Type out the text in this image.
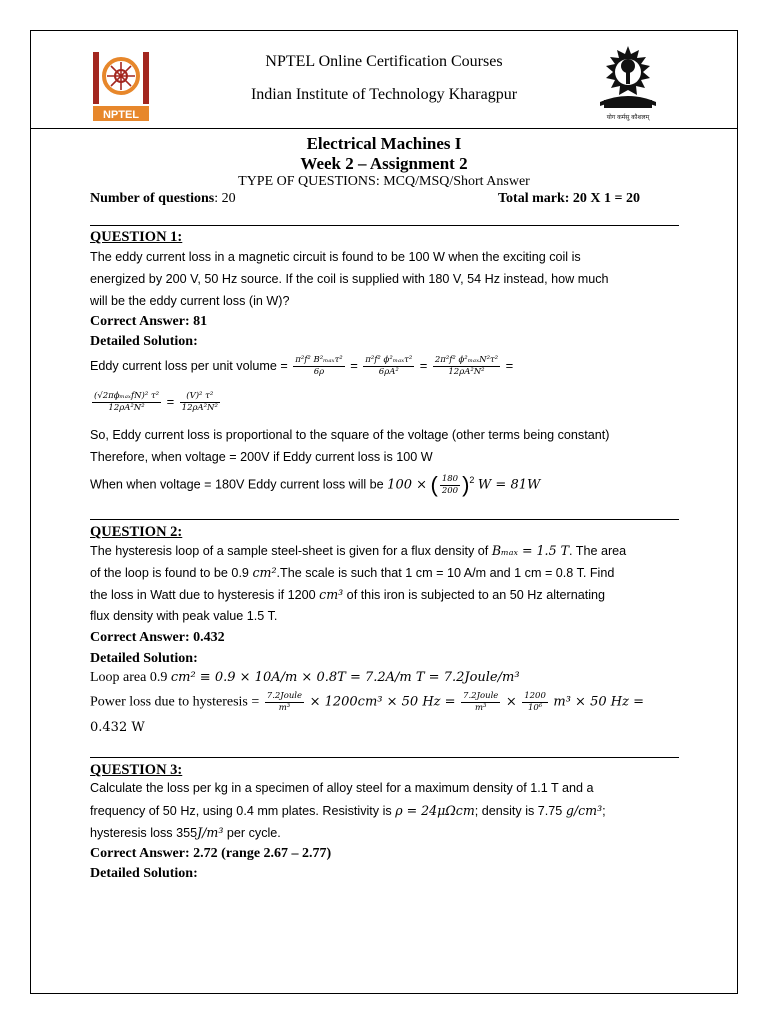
NPTEL	योग कर्मसु कौशलम्
NPTEL Online Certification Courses
Indian Institute of Technology Kharagpur
Electrical Machines I
Week 2 – Assignment 2
TYPE OF QUESTIONS: MCQ/MSQ/Short Answer
Number of questions: 20	Total mark: 20 X 1 = 20
QUESTION 1:
The eddy current loss in a magnetic circuit is found to be 100 W when the exciting coil is
energized by 200 V, 50 Hz source. If the coil is supplied with 180 V, 54 Hz instead, how much
will be the eddy current loss (in W)?
Correct Answer: 81
Detailed Solution:
Eddy current loss per unit volume = $\frac{\text{π²f² B²ₘₐₓτ²}}{6\rho} = \frac{\text{π²f² ϕ²ₘₐₓτ²}}{\text{6ρA²}} = \frac{\text{2π²f² ϕ²ₘₐₓN²τ²}}{\text{12ρA²N²}}$ =
$\frac{\text{(√2πϕₘₐₓfN)² τ²}}{\text{12ρA²N²}} = \frac{\text{(V)² τ²}}{\text{12ρA²N²}}$
So, Eddy current loss is proportional to the square of the voltage (other terms being constant)
Therefore, when voltage = 200V if Eddy current loss is 100 W
When when voltage = 180V Eddy current loss will be 100 × ( $\frac{180}{200} )^2$ W = 81W
QUESTION 2:
The hysteresis loop of a sample steel-sheet is given for a flux density of Bₘₐₓ = 1.5 T. The area
of the loop is found to be 0.9 cm².The scale is such that 1 cm = 10 A/m and 1 cm = 0.8 T. Find
the loss in Watt due to hysteresis if 1200 cm³ of this iron is subjected to an 50 Hz alternating
flux density with peak value 1.5 T.
Correct Answer: 0.432
Detailed Solution:
Loop area 0.9 cm² ≡ 0.9 × 10A/m × 0.8T = 7.2A/m T = 7.2Joule/m³
Power loss due to hysteresis = $\frac{\text{7.2Joule}}{\text{m³}} \times 1200cm^3 \times 50$ $Hz = \frac{\text{7.2Joule}}{\text{m³}} \times \frac{1200}{\text{10⁶}} m^3 \times 50$ Hz =
0.432 W
QUESTION 3:
Calculate the loss per kg in a specimen of alloy steel for a maximum density of 1.1 T and a
frequency of 50 Hz, using 0.4 mm plates. Resistivity is ρ = 24μΩcm; density is 7.75 g/cm³;
hysteresis loss 355J/m³ per cycle.
Correct Answer: 2.72 (range 2.67 – 2.77)
Detailed Solution:
